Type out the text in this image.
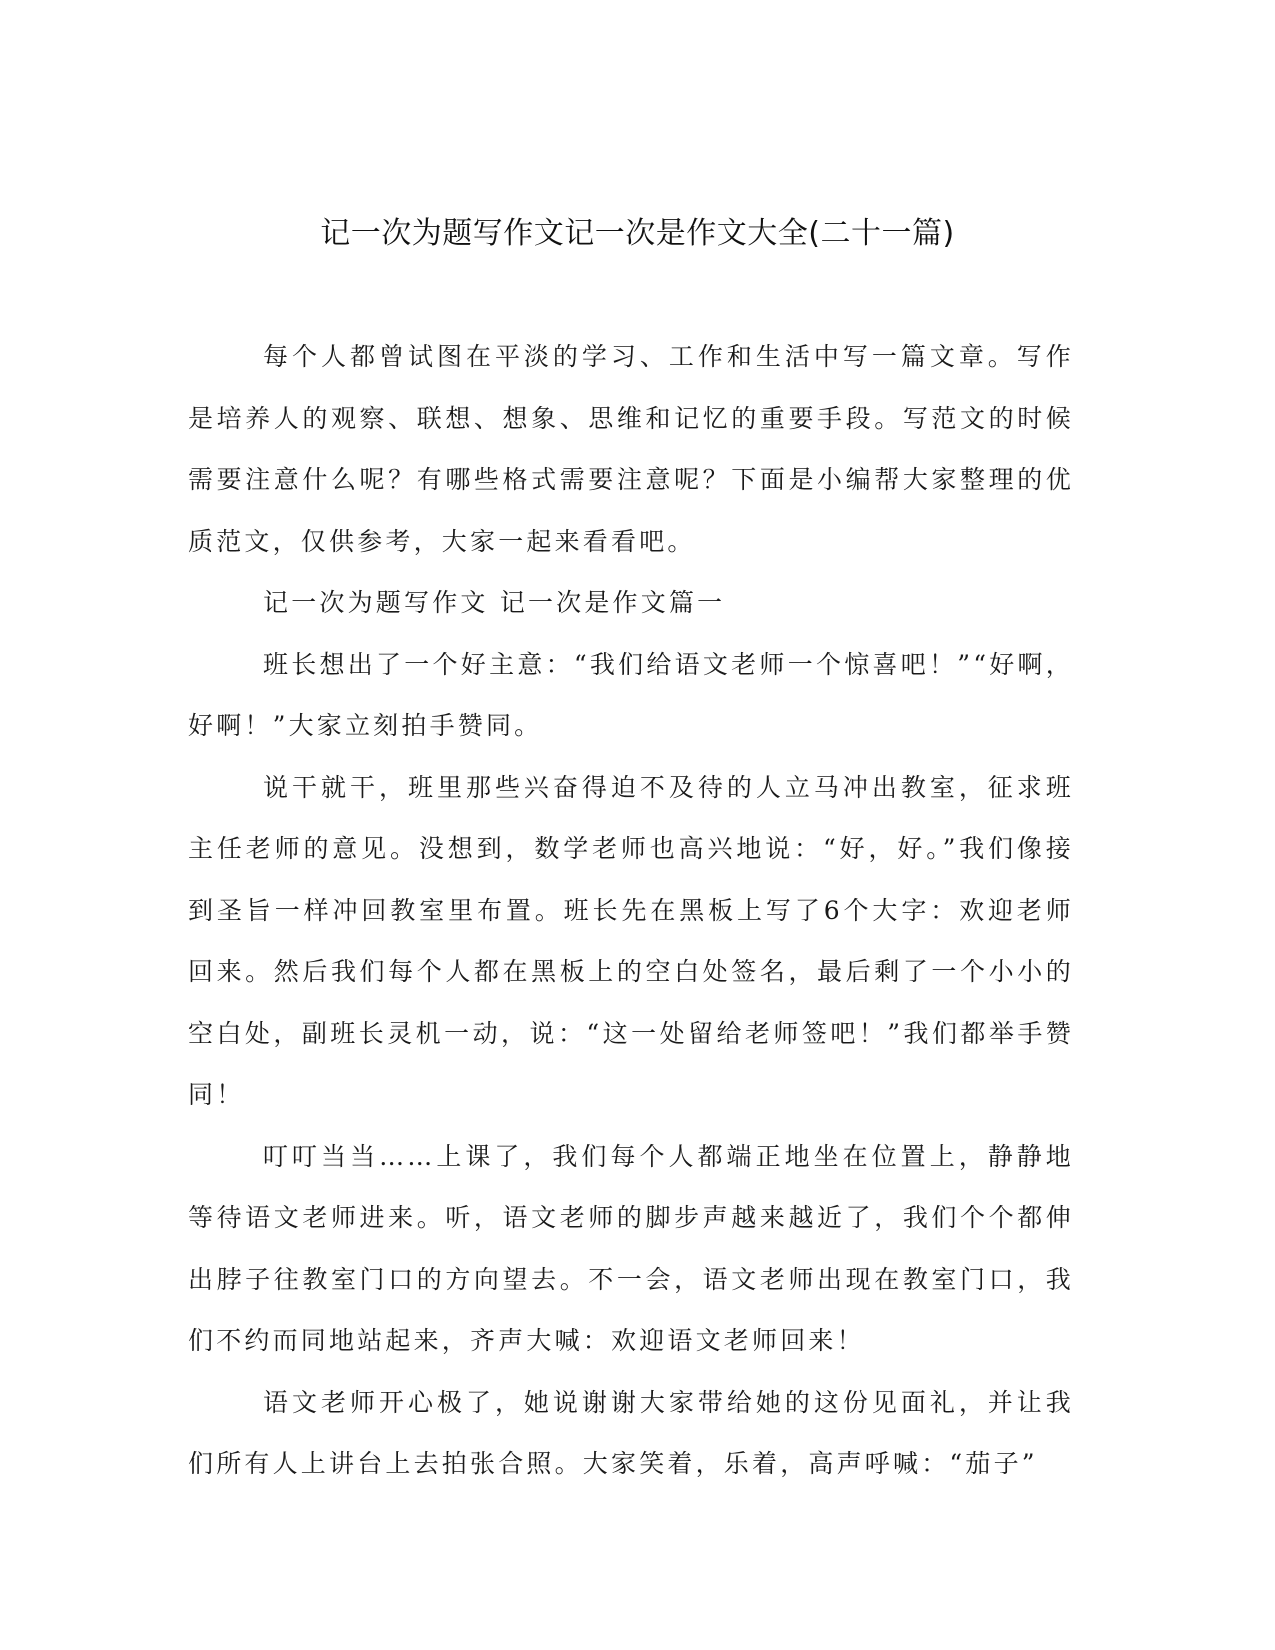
记一次为题写作文记一次是作文大全(二十一篇)

每个人都曾试图在平淡的学习、工作和生活中写一篇文章。写作是培养人的观察、联想、想象、思维和记忆的重要手段。写范文的时候需要注意什么呢？有哪些格式需要注意呢？下面是小编帮大家整理的优质范文，仅供参考，大家一起来看看吧。

记一次为题写作文 记一次是作文篇一

班长想出了一个好主意：“我们给语文老师一个惊喜吧！”“好啊，好啊！”大家立刻拍手赞同。

说干就干，班里那些兴奋得迫不及待的人立马冲出教室，征求班主任老师的意见。没想到，数学老师也高兴地说：“好，好。”我们像接到圣旨一样冲回教室里布置。班长先在黑板上写了6个大字：欢迎老师回来。然后我们每个人都在黑板上的空白处签名，最后剩了一个小小的空白处，副班长灵机一动，说：“这一处留给老师签吧！”我们都举手赞同！

叮叮当当……上课了，我们每个人都端正地坐在位置上，静静地等待语文老师进来。听，语文老师的脚步声越来越近了，我们个个都伸出脖子往教室门口的方向望去。不一会，语文老师出现在教室门口，我们不约而同地站起来，齐声大喊：欢迎语文老师回来！

语文老师开心极了，她说谢谢大家带给她的这份见面礼，并让我们所有人上讲台上去拍张合照。大家笑着，乐着，高声呼喊：“茄子”
